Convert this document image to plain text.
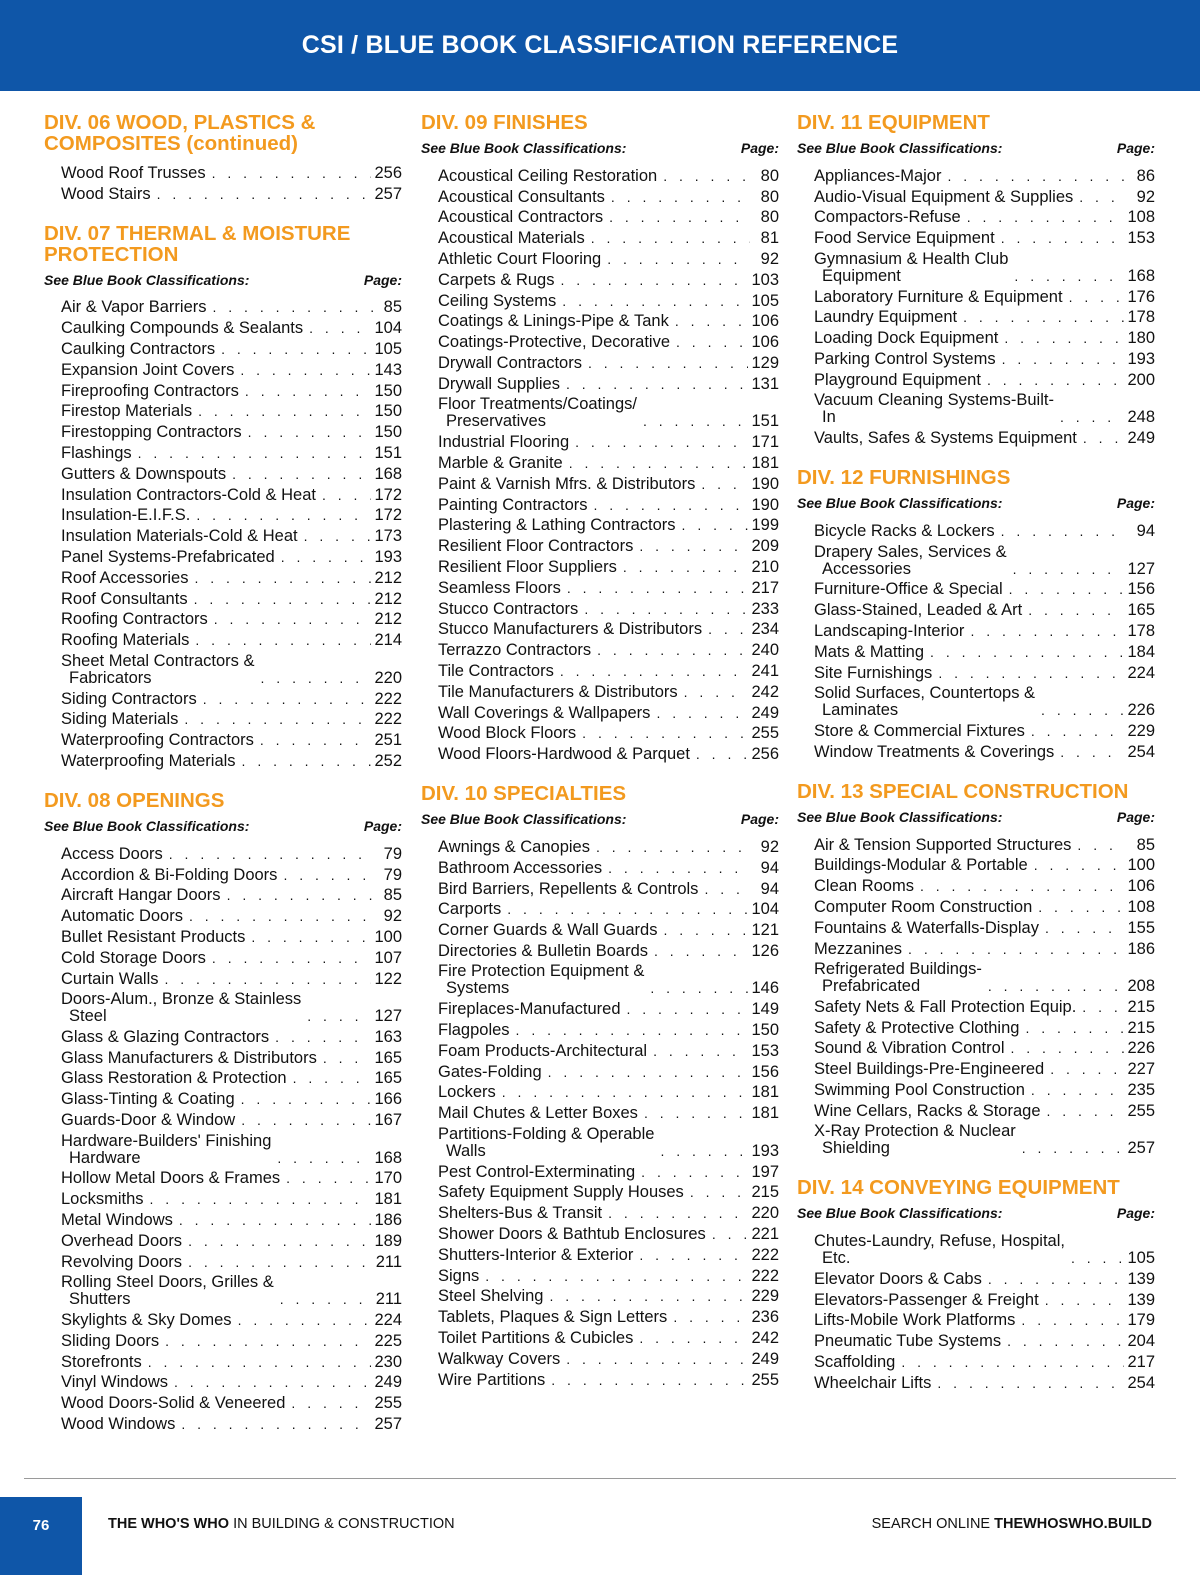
CSI / BLUE BOOK CLASSIFICATION REFERENCE
DIV. 06 WOOD, PLASTICS & COMPOSITES (continued)
Wood Roof Trusses . . .	256
Wood Stairs . . .	257
DIV. 07 THERMAL & MOISTURE PROTECTION
See Blue Book Classifications:	Page:
Air & Vapor Barriers . . .	85
Caulking Compounds & Sealants . . .	104
Caulking Contractors . . .	105
Expansion Joint Covers . . .	143
Fireproofing Contractors . . .	150
Firestop Materials . . .	150
Firestopping Contractors . . .	150
Flashings . . .	151
Gutters & Downspouts . . .	168
Insulation Contractors-Cold & Heat . . .	172
Insulation-E.I.F.S. . . .	172
Insulation Materials-Cold & Heat . . .	173
Panel Systems-Prefabricated . . .	193
Roof Accessories . . .	212
Roof Consultants . . .	212
Roofing Contractors . . .	212
Roofing Materials . . .	214
Sheet Metal Contractors &
Fabricators . . .	220
Siding Contractors . . .	222
Siding Materials . . .	222
Waterproofing Contractors . . .	251
Waterproofing Materials . . .	252
DIV. 08 OPENINGS
See Blue Book Classifications:	Page:
Access Doors . . .	79
Accordion & Bi-Folding Doors . . .	79
Aircraft Hangar Doors . . .	85
Automatic Doors . . .	92
Bullet Resistant Products . . .	100
Cold Storage Doors . . .	107
Curtain Walls . . .	122
Doors-Alum., Bronze & Stainless
Steel . . .	127
Glass & Glazing Contractors . . .	163
Glass Manufacturers & Distributors . . .	165
Glass Restoration & Protection . . .	165
Glass-Tinting & Coating . . .	166
Guards-Door & Window . . .	167
Hardware-Builders' Finishing
Hardware . . .	168
Hollow Metal Doors & Frames . . .	170
Locksmiths . . .	181
Metal Windows . . .	186
Overhead Doors . . .	189
Revolving Doors . . .	211
Rolling Steel Doors, Grilles &
Shutters . . .	211
Skylights & Sky Domes . . .	224
Sliding Doors . . .	225
Storefronts . . .	230
Vinyl Windows . . .	249
Wood Doors-Solid & Veneered . . .	255
Wood Windows . . .	257
DIV. 09 FINISHES
See Blue Book Classifications:	Page:
Acoustical Ceiling Restoration . . .	80
Acoustical Consultants . . .	80
Acoustical Contractors . . .	80
Acoustical Materials . . .	81
Athletic Court Flooring . . .	92
Carpets & Rugs . . .	103
Ceiling Systems . . .	105
Coatings & Linings-Pipe & Tank . . .	106
Coatings-Protective, Decorative . . .	106
Drywall Contractors . . .	129
Drywall Supplies . . .	131
Floor Treatments/Coatings/
Preservatives . . .	151
Industrial Flooring . . .	171
Marble & Granite . . .	181
Paint & Varnish Mfrs. & Distributors . . .	190
Painting Contractors . . .	190
Plastering & Lathing Contractors . . .	199
Resilient Floor Contractors . . .	209
Resilient Floor Suppliers . . .	210
Seamless Floors . . .	217
Stucco Contractors . . .	233
Stucco Manufacturers & Distributors . . .	234
Terrazzo Contractors . . .	240
Tile Contractors . . .	241
Tile Manufacturers & Distributors . . .	242
Wall Coverings & Wallpapers . . .	249
Wood Block Floors . . .	255
Wood Floors-Hardwood & Parquet . . .	256
DIV. 10 SPECIALTIES
See Blue Book Classifications:	Page:
Awnings & Canopies . . .	92
Bathroom Accessories . . .	94
Bird Barriers, Repellents & Controls . . .	94
Carports . . .	104
Corner Guards & Wall Guards . . .	121
Directories & Bulletin Boards . . .	126
Fire Protection Equipment &
Systems . . .	146
Fireplaces-Manufactured . . .	149
Flagpoles . . .	150
Foam Products-Architectural . . .	153
Gates-Folding . . .	156
Lockers . . .	181
Mail Chutes & Letter Boxes . . .	181
Partitions-Folding & Operable
Walls . . .	193
Pest Control-Exterminating . . .	197
Safety Equipment Supply Houses . . .	215
Shelters-Bus & Transit . . .	220
Shower Doors & Bathtub Enclosures . . .	221
Shutters-Interior & Exterior . . .	222
Signs . . .	222
Steel Shelving . . .	229
Tablets, Plaques & Sign Letters . . .	236
Toilet Partitions & Cubicles . . .	242
Walkway Covers . . .	249
Wire Partitions . . .	255
DIV. 11 EQUIPMENT
See Blue Book Classifications:	Page:
Appliances-Major . . .	86
Audio-Visual Equipment & Supplies . . .	92
Compactors-Refuse . . .	108
Food Service Equipment . . .	153
Gymnasium & Health Club
Equipment . . .	168
Laboratory Furniture & Equipment . . .	176
Laundry Equipment . . .	178
Loading Dock Equipment . . .	180
Parking Control Systems . . .	193
Playground Equipment . . .	200
Vacuum Cleaning Systems-Built-
In . . .	248
Vaults, Safes & Systems Equipment . . .	249
DIV. 12 FURNISHINGS
See Blue Book Classifications:	Page:
Bicycle Racks & Lockers . . .	94
Drapery Sales, Services &
Accessories . . .	127
Furniture-Office & Special . . .	156
Glass-Stained, Leaded & Art . . .	165
Landscaping-Interior . . .	178
Mats & Matting . . .	184
Site Furnishings . . .	224
Solid Surfaces, Countertops &
Laminates . . .	226
Store & Commercial Fixtures . . .	229
Window Treatments & Coverings . . .	254
DIV. 13 SPECIAL CONSTRUCTION
See Blue Book Classifications:	Page:
Air & Tension Supported Structures . . .	85
Buildings-Modular & Portable . . .	100
Clean Rooms . . .	106
Computer Room Construction . . .	108
Fountains & Waterfalls-Display . . .	155
Mezzanines . . .	186
Refrigerated Buildings-
Prefabricated . . .	208
Safety Nets & Fall Protection Equip. . . .	215
Safety & Protective Clothing . . .	215
Sound & Vibration Control . . .	226
Steel Buildings-Pre-Engineered . . .	227
Swimming Pool Construction . . .	235
Wine Cellars, Racks & Storage . . .	255
X-Ray Protection & Nuclear
Shielding . . .	257
DIV. 14 CONVEYING EQUIPMENT
See Blue Book Classifications:	Page:
Chutes-Laundry, Refuse, Hospital,
Etc. . . .	105
Elevator Doors & Cabs . . .	139
Elevators-Passenger & Freight . . .	139
Lifts-Mobile Work Platforms . . .	179
Pneumatic Tube Systems . . .	204
Scaffolding . . .	217
Wheelchair Lifts . . .	254
76	THE WHO'S WHO IN BUILDING & CONSTRUCTION	SEARCH ONLINE THEWHOSWHO.BUILD
